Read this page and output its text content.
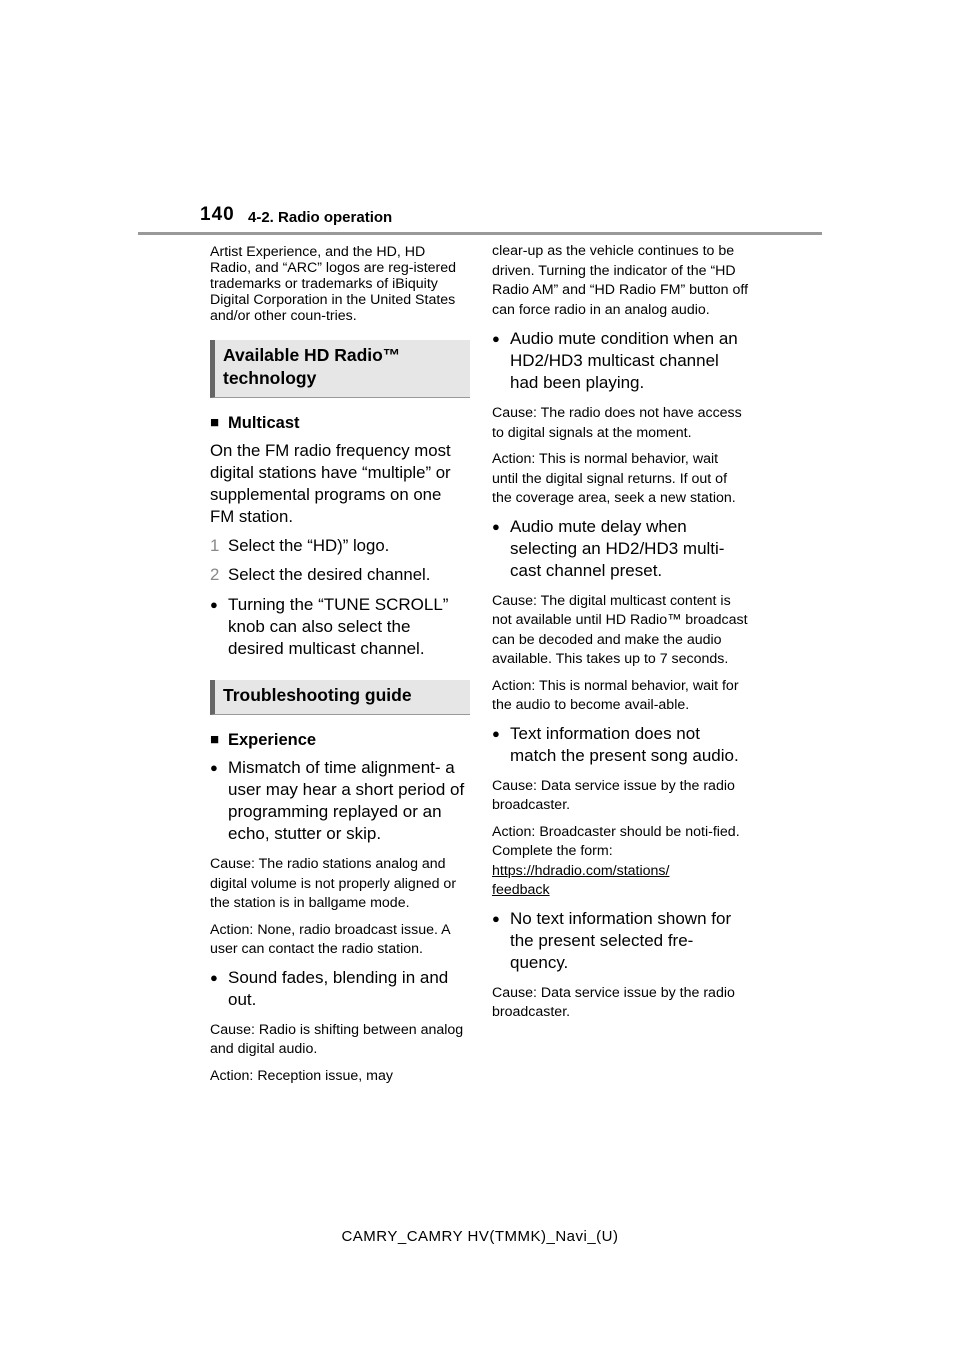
140 4-2. Radio operation

Artist Experience, and the HD, HD Radio, and “ARC” logos are reg-istered trademarks or trademarks of iBiquity Digital Corporation in the United States and/or other coun-tries.

Available HD Radio™
technology
■ Multicast

On the FM radio frequency most digital stations have “multiple” or supplemental programs on one FM station.

1 Select the “HD)” logo.
2 Select the desired channel.
● Turning the “TUNE SCROLL” knob can also select the desired multicast channel.
Troubleshooting guide
■ Experience
● Mismatch of time alignment- a user may hear a short period of programming replayed or an echo, stutter or skip.

Cause: The radio stations analog and digital volume is not properly aligned or the station is in ballgame mode.

Action: None, radio broadcast issue. A user can contact the radio station.

● Sound fades, blending in and out.

Cause: Radio is shifting between analog and digital audio.

Action: Reception issue, may

clear-up as the vehicle continues to be driven. Turning the indicator of the “HD Radio AM” and “HD Radio FM” button off can force radio in an analog audio.

● Audio mute condition when an HD2/HD3 multicast channel had been playing.

Cause: The radio does not have access to digital signals at the moment.

Action: This is normal behavior, wait until the digital signal returns. If out of the coverage area, seek a new station.

● Audio mute delay when selecting an HD2/HD3 multi-cast channel preset.

Cause: The digital multicast content is not available until HD Radio™ broadcast can be decoded and make the audio available. This takes up to 7 seconds.

Action: This is normal behavior, wait for the audio to become avail-able.

● Text information does not match the present song audio.

Cause: Data service issue by the radio broadcaster.

Action: Broadcaster should be noti-fied. Complete the form:
https://hdradio.com/stations/
feedback

● No text information shown for the present selected fre-quency.

Cause: Data service issue by the radio broadcaster.

CAMRY_CAMRY HV(TMMK)_Navi_(U)
